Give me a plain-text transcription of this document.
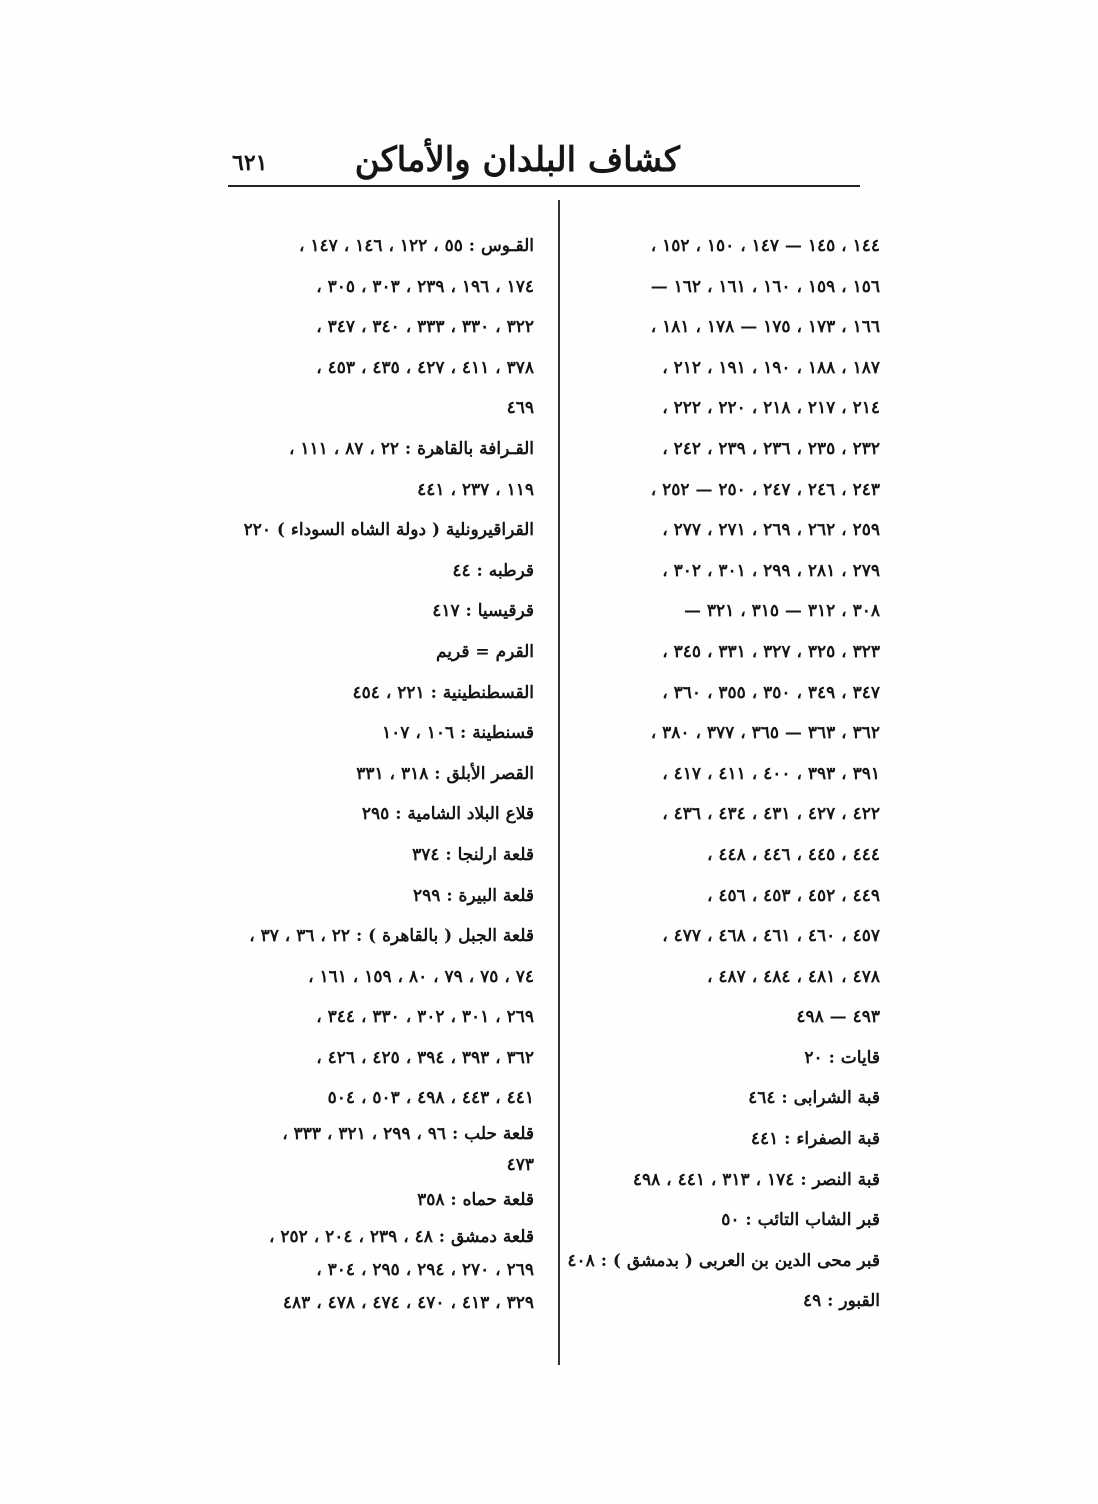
كشاف البلدان والأماكن
٦٢١
١٤٤ ، ١٤٥ — ١٤٧ ، ١٥٠ ، ١٥٢ ،
١٥٦ ، ١٥٩ ، ١٦٠ ، ١٦١ ، ١٦٢ —
١٦٦ ، ١٧٣ ، ١٧٥ — ١٧٨ ، ١٨١ ،
١٨٧ ، ١٨٨ ، ١٩٠ ، ١٩١ ، ٢١٢ ،
٢١٤ ، ٢١٧ ، ٢١٨ ، ٢٢٠ ، ٢٢٢ ،
٢٣٢ ، ٢٣٥ ، ٢٣٦ ، ٢٣٩ ، ٢٤٢ ،
٢٤٣ ، ٢٤٦ ، ٢٤٧ ، ٢٥٠ — ٢٥٢ ،
٢٥٩ ، ٢٦٢ ، ٢٦٩ ، ٢٧١ ، ٢٧٧ ،
٢٧٩ ، ٢٨١ ، ٢٩٩ ، ٣٠١ ، ٣٠٢ ،
٣٠٨ ، ٣١٢ — ٣١٥ ، ٣٢١ —
٣٢٣ ، ٣٢٥ ، ٣٢٧ ، ٣٣١ ، ٣٤٥ ،
٣٤٧ ، ٣٤٩ ، ٣٥٠ ، ٣٥٥ ، ٣٦٠ ،
٣٦٢ ، ٣٦٣ — ٣٦٥ ، ٣٧٧ ، ٣٨٠ ،
٣٩١ ، ٣٩٣ ، ٤٠٠ ، ٤١١ ، ٤١٧ ،
٤٢٢ ، ٤٢٧ ، ٤٣١ ، ٤٣٤ ، ٤٣٦ ،
٤٤٤ ، ٤٤٥ ، ٤٤٦ ، ٤٤٨ ،
٤٤٩ ، ٤٥٢ ، ٤٥٣ ، ٤٥٦ ،
٤٥٧ ، ٤٦٠ ، ٤٦١ ، ٤٦٨ ، ٤٧٧ ،
٤٧٨ ، ٤٨١ ، ٤٨٤ ، ٤٨٧ ،
٤٩٣ — ٤٩٨
قايات : ٢٠
قبة الشرابى : ٤٦٤
قبة الصفراء : ٤٤١
قبة النصر : ١٧٤ ، ٣١٣ ، ٤٤١ ، ٤٩٨
قبر الشاب التائب : ٥٠
قبر محى الدين بن العربى ( بدمشق ) : ٤٠٨
القبور : ٤٩
القـوس : ٥٥ ، ١٢٢ ، ١٤٦ ، ١٤٧ ،
١٧٤ ، ١٩٦ ، ٢٣٩ ، ٣٠٣ ، ٣٠٥ ،
٣٢٢ ، ٣٣٠ ، ٣٣٣ ، ٣٤٠ ، ٣٤٧ ،
٣٧٨ ، ٤١١ ، ٤٢٧ ، ٤٣٥ ، ٤٥٣ ،
٤٦٩
القـرافة بالقاهرة : ٢٢ ، ٨٧ ، ١١١ ،
١١٩ ، ٢٣٧ ، ٤٤١
القراقيرونلية ( دولة الشاه السوداء ) ٢٢٠
قرطبه : ٤٤
قرقيسيا : ٤١٧
القرم = قريم
القسطنطينية : ٢٢١ ، ٤٥٤
قسنطينة : ١٠٦ ، ١٠٧
القصر الأبلق : ٣١٨ ، ٣٣١
قلاع البلاد الشامية : ٢٩٥
قلعة ارلنجا : ٣٧٤
قلعة البيرة : ٢٩٩
قلعة الجبل ( بالقاهرة ) : ٢٢ ، ٣٦ ، ٣٧ ،
٧٤ ، ٧٥ ، ٧٩ ، ٨٠ ، ١٥٩ ، ١٦١ ،
٢٦٩ ، ٣٠١ ، ٣٠٢ ، ٣٣٠ ، ٣٤٤ ،
٣٦٢ ، ٣٩٣ ، ٣٩٤ ، ٤٢٥ ، ٤٢٦ ،
٤٤١ ، ٤٤٣ ، ٤٩٨ ، ٥٠٣ ، ٥٠٤
قلعة حلب : ٩٦ ، ٢٩٩ ، ٣٢١ ، ٣٣٣ ،
٤٧٣
قلعة حماه : ٣٥٨
قلعة دمشق : ٤٨ ، ٢٣٩ ، ٢٠٤ ، ٢٥٢ ،
٢٦٩ ، ٢٧٠ ، ٢٩٤ ، ٢٩٥ ، ٣٠٤ ،
٣٢٩ ، ٤١٣ ، ٤٧٠ ، ٤٧٤ ، ٤٧٨ ، ٤٨٣
